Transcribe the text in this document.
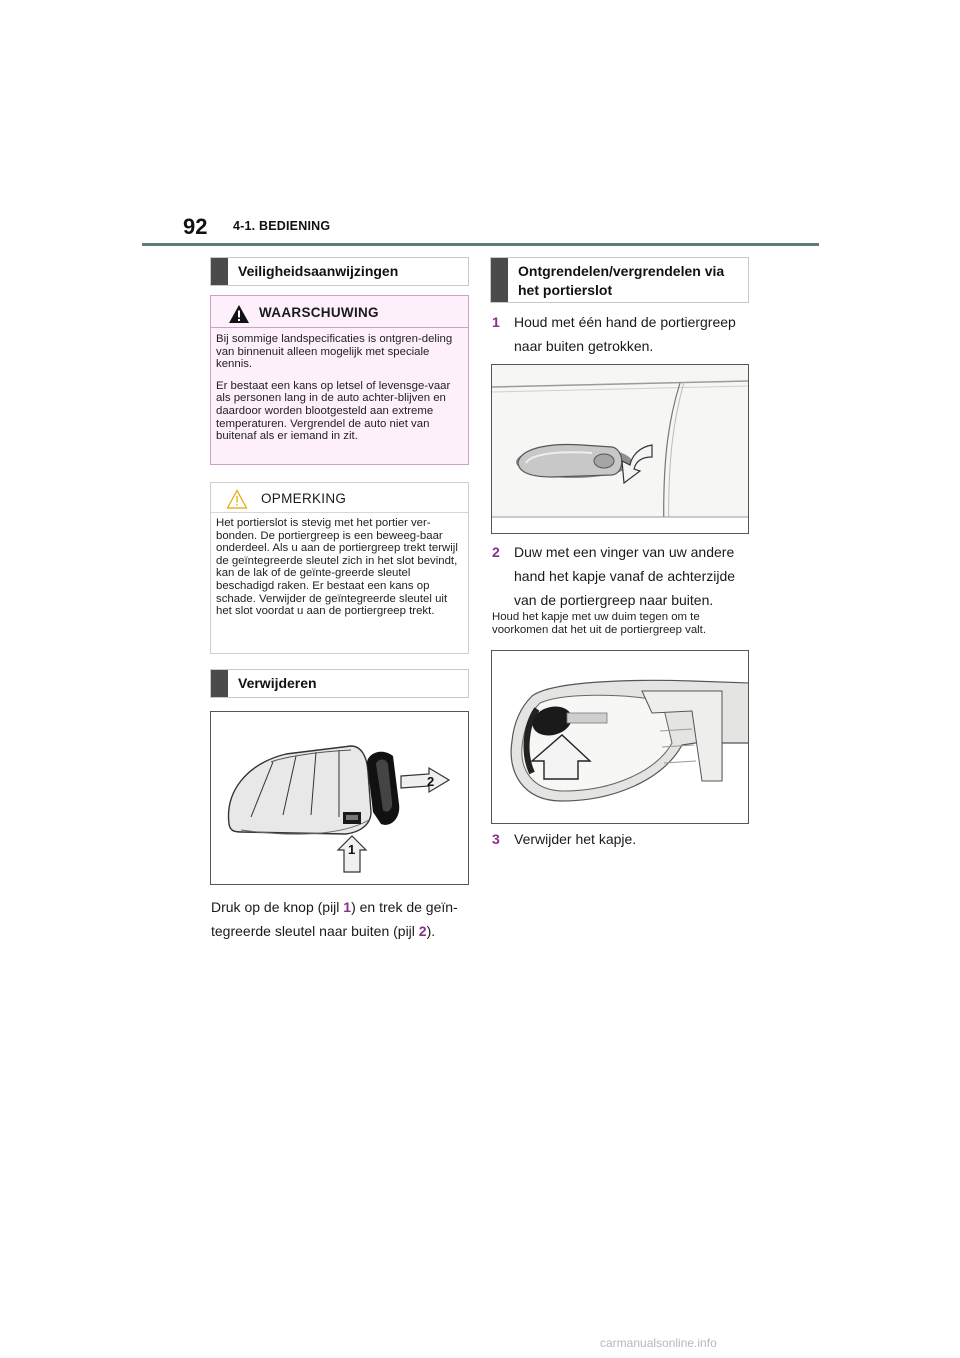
92 4-1. BEDIENING
Veiligheidsaanwijzingen
WAARSCHUWING

Bij sommige landspecificaties is ontgren-deling van binnenuit alleen mogelijk met speciale kennis.

Er bestaat een kans op letsel of levensge-vaar als personen lang in de auto achter-blijven en daardoor worden blootgesteld aan extreme temperaturen. Vergrendel de auto niet van buitenaf als er iemand in zit.

OPMERKING
Het portierslot is stevig met het portier ver-bonden. De portiergreep is een beweeg-baar onderdeel. Als u aan de portiergreep trekt terwijl de geïntegreerde sleutel zich in het slot bevindt, kan de lak of de geïnte-greerde sleutel beschadigd raken. Er bestaat een kans op schade. Verwijder de geïntegreerde sleutel uit het slot voordat u aan de portiergreep trekt.
Verwijderen
2
1
Druk op de knop (pijl 1) en trek de geïn-
tegreerde sleutel naar buiten (pijl 2).
Ontgrendelen/vergrendelen via
het portierslot
1 Houd met één hand de portiergreep
naar buiten getrokken.
2 Duw met een vinger van uw andere
hand het kapje vanaf de achterzijde
van de portiergreep naar buiten.
Houd het kapje met uw duim tegen om te
voorkomen dat het uit de portiergreep valt.
3 Verwijder het kapje.
carmanualsonline.info
